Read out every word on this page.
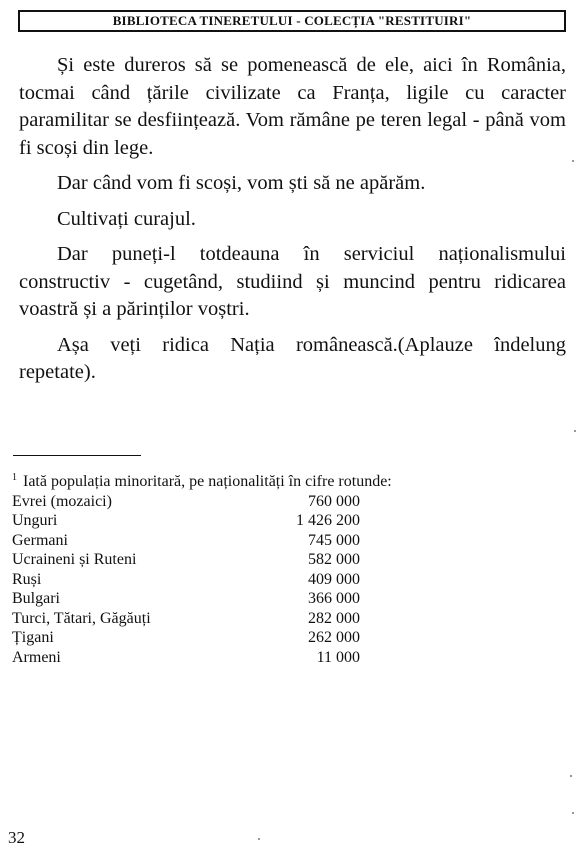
BIBLIOTECA TINERETULUI - COLECȚIA "RESTITUIRI"

Și este dureros să se pomenească de ele, aici în România, tocmai când țările civilizate ca Franța, ligile cu caracter paramilitar se desființează. Vom rămâne pe teren legal - până vom fi scoși din lege.

Dar când vom fi scoși, vom ști să ne apărăm.

Cultivați curajul.

Dar puneți-l totdeauna în serviciul naționalismului constructiv - cugetând, studiind și muncind pentru ridicarea voastră și a părinților voștri.

Așa veți ridica Nația românească.(Aplauze îndelung repetate).

$^1$ Iată populația minoritară, pe naționalități în cifre rotunde:

Evrei (mozaici)	760 000
Unguri	1 426 200
Germani	745 000
Ucraineni și Ruteni	582 000
Ruși	409 000
Bulgari	366 000
Turci, Tătari, Găgăuți	282 000
Țigani	262 000
Armeni	11 000
32
